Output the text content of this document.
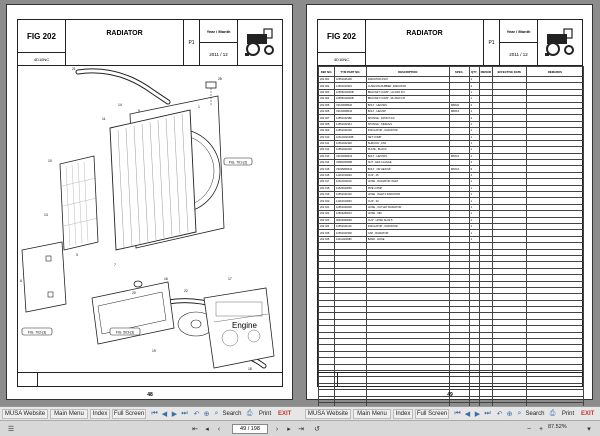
FIG 202
4D10NC
RADIATOR
P1
Year / Month
2011 / 12
FIG. 701-(2)
FIG. 702-(3)	FIG. 503-(3)
Engine
21
25
14	1
9
11
10
13
3
7
16
22
20
17
6
19
18
48
FIG 202
4D10NC
RADIATOR
P1
Year / Month
2011 / 12
REF NO.	TYM PART NO.	DESCRIPTION	SPEC.	QTY.	REPAIR	EFFECTIVE DATE	REMARKS
202 001	12651046100	RADIATOR ASSY		1			
202 002	14501010301	CUSHION-RUBBER ,RADIATOR		2			
202 003	12655010000B	BRACKET COMP , LH RAD FIX		1			
202 004	12655010000B	BRACKET COMP , RH RAD FIX		1			
202 005	V3100608020	BOLT , HEX/SPL	M8X20	2			
202 006	V3100608016	BOLT , HEX/SP	M8X16	2			
202 007	14551042380	SPONGE , FRONT A/C		2			
202 008	14551042341	SPONGE , SIDE/A/S		2			
202 009	12651041000	INSULATOR , RADIATOR		1			
202 010	12611042100B	NET COMP		1			
202 011	12651042300	SHROUD , FAN		1			
202 012	12651042200	PLATE , BLOCK		1			
202 013	V3100606016	BOLT , HEX/SPL	M6X16	4			
202 014	V3802005080	NUT , HEX FLANGE		2			
202 015	V3025806016	BOLT , OR HEX/SP	M6X16	8			
202 016	14261010040	CLIP , 45		4			
202 017	12611040010	HOSE , RADIATOR INLET		1			
202 018	14626020650	PIPE COMP		1			
202 019	12651040120	HOSE , INLET2 RADIATOR		1			
202 020	14261010040	CLIP , 40		1			
202 021	12651040200	HOSE , OUTLET RADIATOR		1			
202 022	12602280010	HOSE , 590		1			
202 023	06403990090	CLIP , HOSE DH12.5		2			
202 024	12651041120	INSULATOR , RADIATOR		1			
202 025	12651040300	CAP , RADIATOR		1			
202 026	14411020080	BAND , HOSE		1			

49
MUSA Website	Main Menu	Index	Full Screen ⏮ ◀ ▶ ⏭ ↶ ⊕ ⌕ Search ⎙	Print	EXIT	MUSA Website	Main Menu	Index	Full Screen ⏮ ◀ ▶ ⏭ ↶ ⊕ ⌕ Search ⎙	Print	EXIT
☰	⇤	◂	‹	49 / 198	›	▸	⇥ ↺	−	+ 87.52%	▾
